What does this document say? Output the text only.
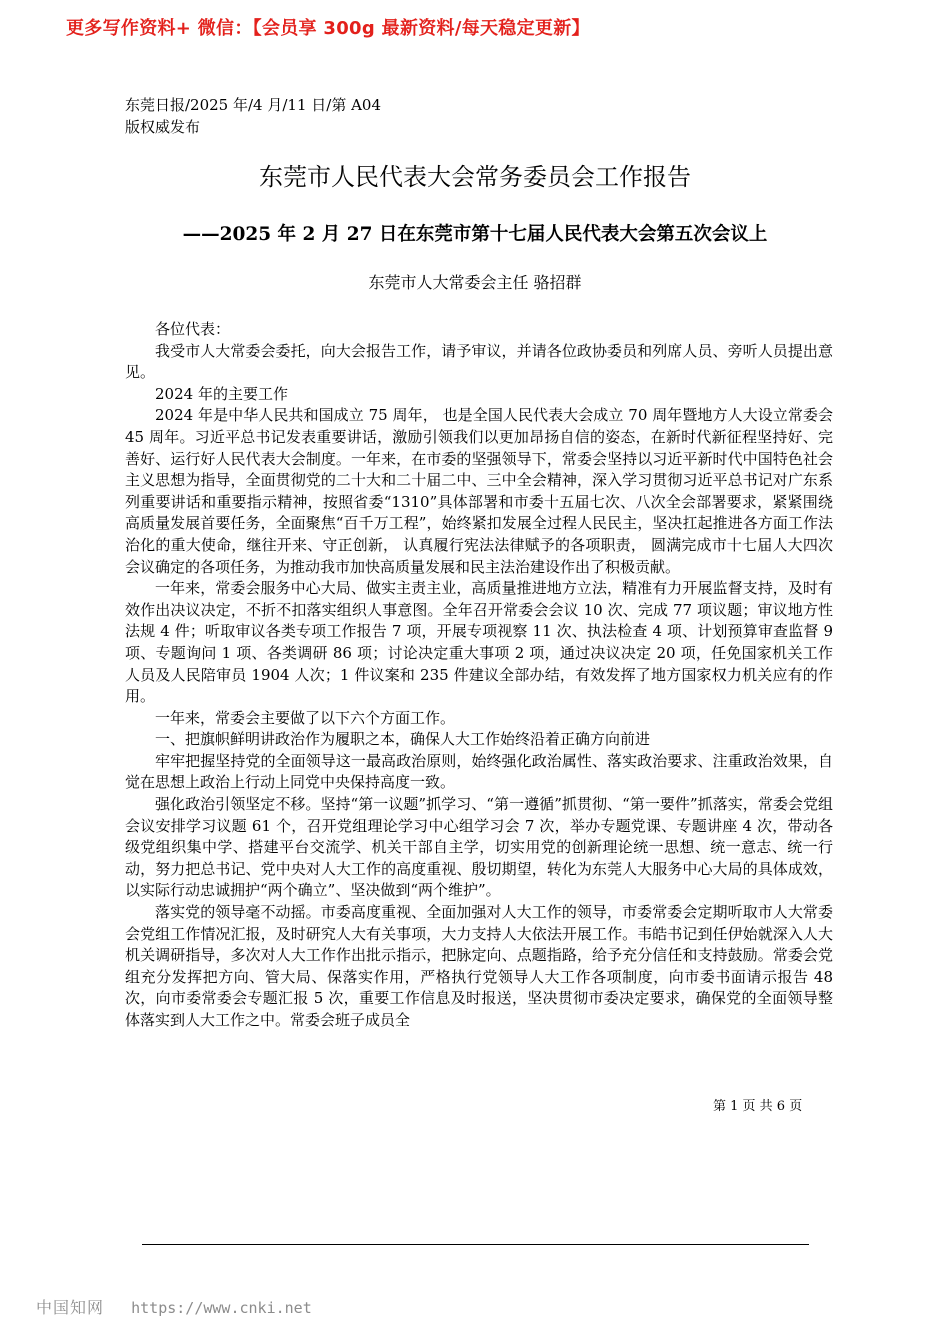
更多写作资料+ 微信：【会员享 300g 最新资料/每天稳定更新】
东莞日报/2025 年/4 月/11 日/第 A04
版权威发布
东莞市人民代表大会常务委员会工作报告
——2025 年 2 月 27 日在东莞市第十七届人民代表大会第五次会议上
东莞市人大常委会主任 骆招群

各位代表：

我受市人大常委会委托，向大会报告工作，请予审议，并请各位政协委员和列席人员、旁听人员提出意见。

2024 年的主要工作

2024 年是中华人民共和国成立 75 周年， 也是全国人民代表大会成立 70 周年暨地方人大设立常委会 45 周年。习近平总书记发表重要讲话，激励引领我们以更加昂扬自信的姿态，在新时代新征程坚持好、完善好、运行好人民代表大会制度。一年来，在市委的坚强领导下，常委会坚持以习近平新时代中国特色社会主义思想为指导，全面贯彻党的二十大和二十届二中、三中全会精神，深入学习贯彻习近平总书记对广东系列重要讲话和重要指示精神，按照省委“1310”具体部署和市委十五届七次、八次全会部署要求，紧紧围绕高质量发展首要任务，全面聚焦“百千万工程”，始终紧扣发展全过程人民民主，坚决扛起推进各方面工作法治化的重大使命，继往开来、守正创新， 认真履行宪法法律赋予的各项职责， 圆满完成市十七届人大四次会议确定的各项任务，为推动我市加快高质量发展和民主法治建设作出了积极贡献。

一年来，常委会服务中心大局、做实主责主业，高质量推进地方立法，精准有力开展监督支持，及时有效作出决议决定，不折不扣落实组织人事意图。全年召开常委会会议 10 次、完成 77 项议题；审议地方性法规 4 件；听取审议各类专项工作报告 7 项，开展专项视察 11 次、执法检查 4 项、计划预算审查监督 9 项、专题询问 1 项、各类调研 86 项；讨论决定重大事项 2 项，通过决议决定 20 项，任免国家机关工作人员及人民陪审员 1904 人次；1 件议案和 235 件建议全部办结，有效发挥了地方国家权力机关应有的作用。

一年来，常委会主要做了以下六个方面工作。

一、把旗帜鲜明讲政治作为履职之本，确保人大工作始终沿着正确方向前进

牢牢把握坚持党的全面领导这一最高政治原则，始终强化政治属性、落实政治要求、注重政治效果，自觉在思想上政治上行动上同党中央保持高度一致。

强化政治引领坚定不移。坚持“第一议题”抓学习、“第一遵循”抓贯彻、“第一要件”抓落实，常委会党组会议安排学习议题 61 个，召开党组理论学习中心组学习会 7 次，举办专题党课、专题讲座 4 次，带动各级党组织集中学、搭建平台交流学、机关干部自主学，切实用党的创新理论统一思想、统一意志、统一行动，努力把总书记、党中央对人大工作的高度重视、殷切期望，转化为东莞人大服务中心大局的具体成效，以实际行动忠诚拥护“两个确立”、坚决做到“两个维护”。

落实党的领导毫不动摇。市委高度重视、全面加强对人大工作的领导，市委常委会定期听取市人大常委会党组工作情况汇报，及时研究人大有关事项，大力支持人大依法开展工作。韦皓书记到任伊始就深入人大机关调研指导，多次对人大工作作出批示指示，把脉定向、点题指路，给予充分信任和支持鼓励。常委会党组充分发挥把方向、管大局、保落实作用，严格执行党领导人大工作各项制度，向市委书面请示报告 48 次，向市委常委会专题汇报 5 次，重要工作信息及时报送，坚决贯彻市委决定要求，确保党的全面领导整体落实到人大工作之中。常委会班子成员全

第 1 页 共 6 页
中国知网 https://www.cnki.net
